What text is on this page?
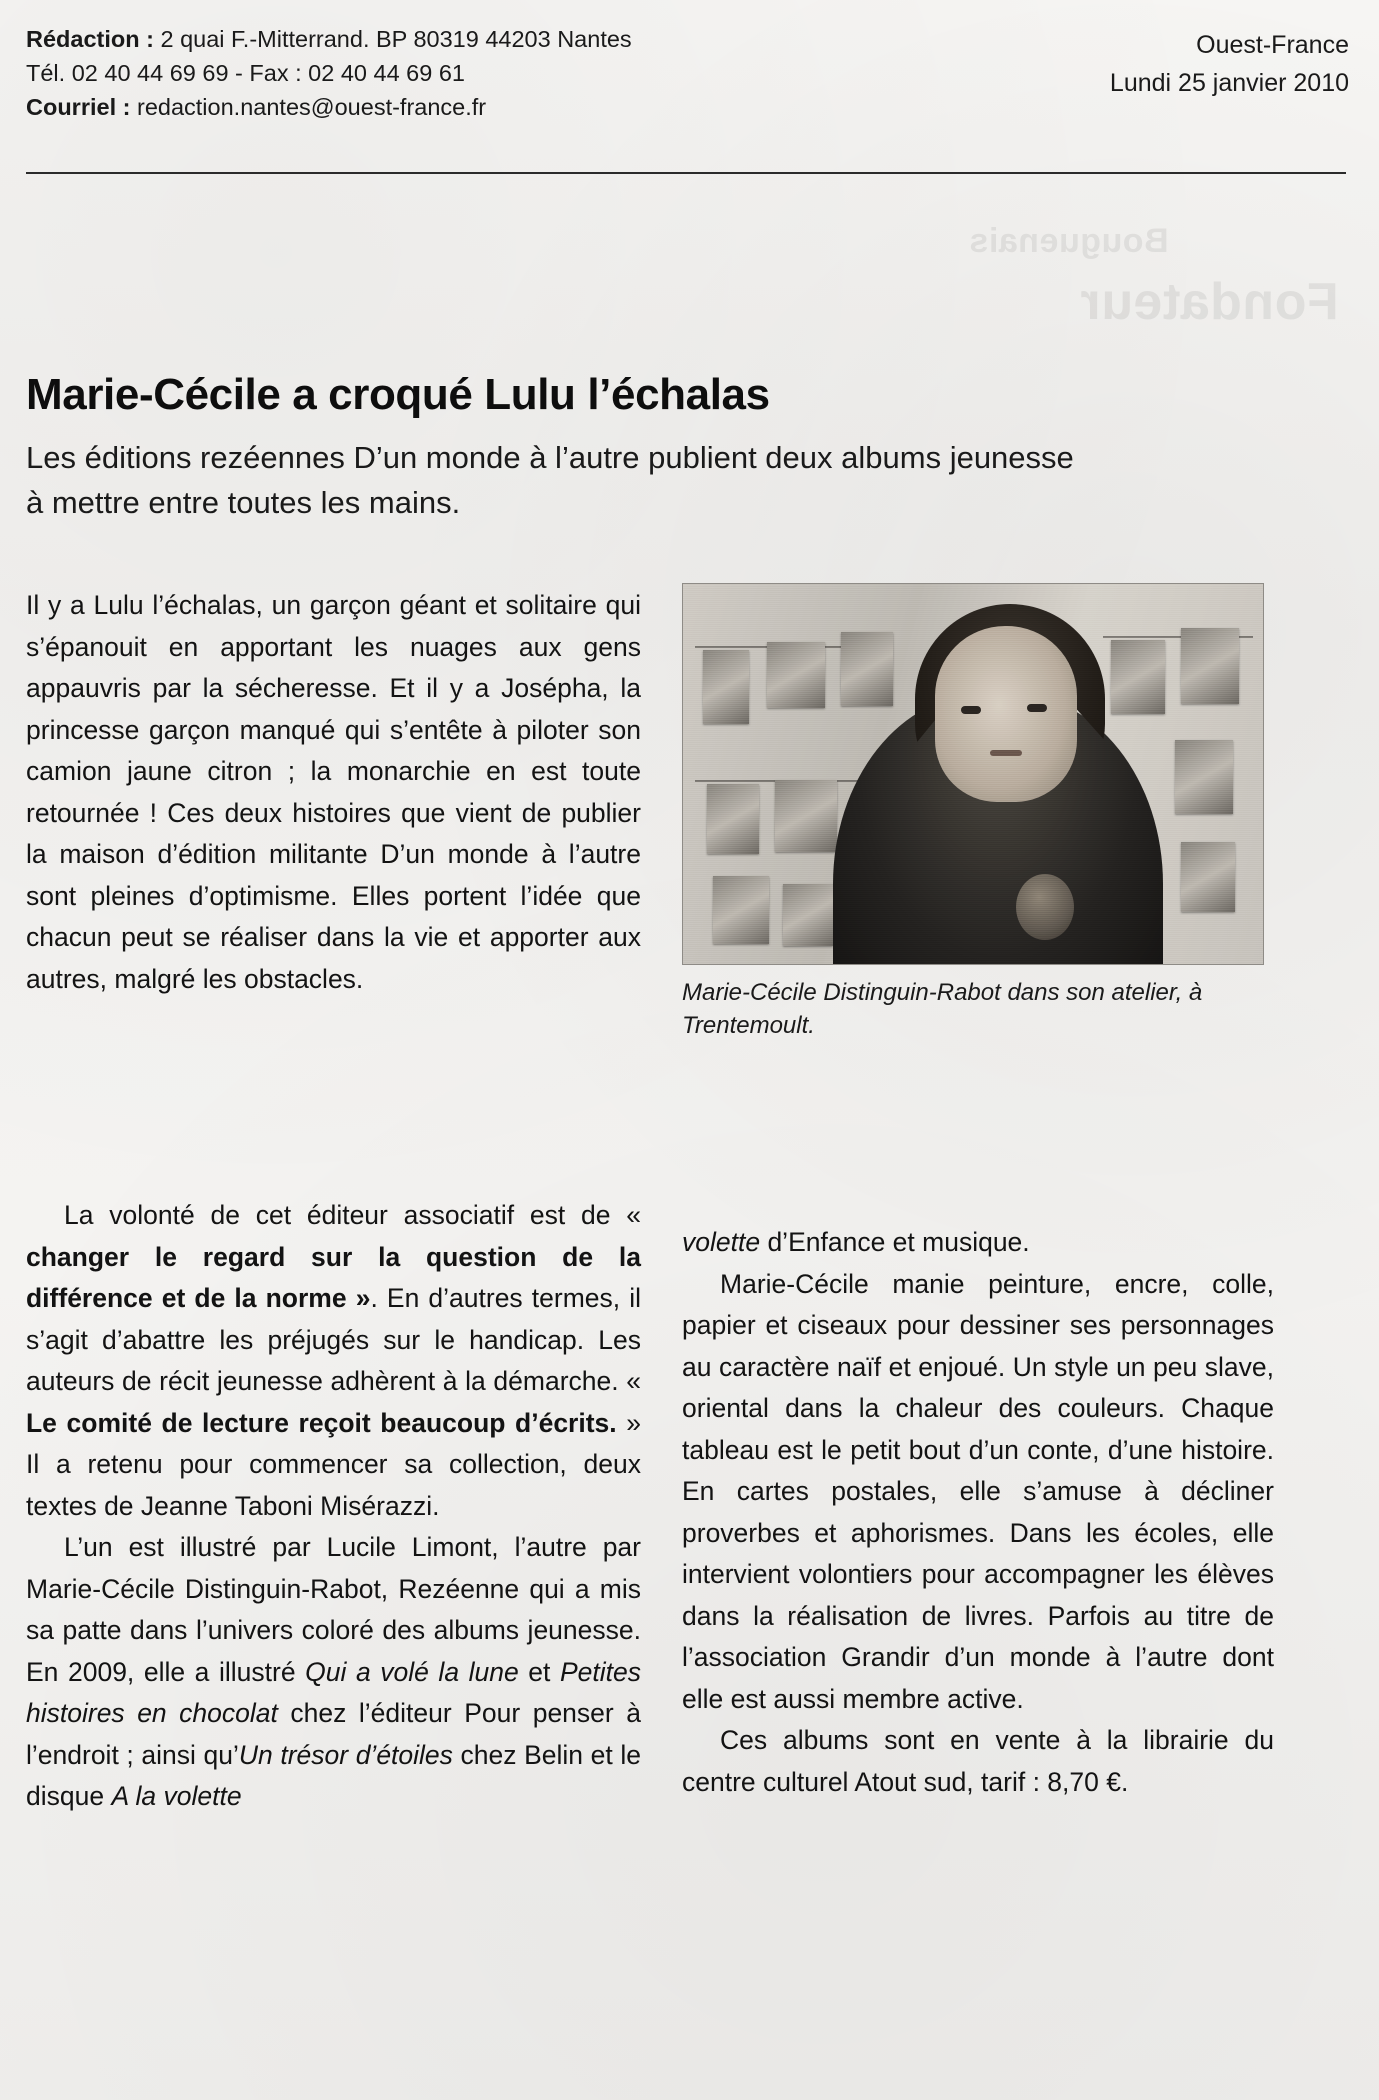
Bouguenais
Fondateur
Rédaction : 2 quai F.-Mitterrand. BP 80319 44203 Nantes
Tél. 02 40 44 69 69 - Fax : 02 40 44 69 61
Courriel : redaction.nantes@ouest-france.fr
Ouest-France
Lundi 25 janvier 2010
Marie-Cécile a croqué Lulu l’échalas
Les éditions rezéennes D’un monde à l’autre publient deux albums jeunesse à mettre entre toutes les mains.
Marie-Cécile Distinguin-Rabot dans son atelier, à Trentemoult.

Il y a Lulu l’échalas, un garçon géant et solitaire qui s’épanouit en apportant les nuages aux gens appauvris par la sécheresse. Et il y a Josépha, la princesse garçon manqué qui s’entête à piloter son camion jaune citron ; la monarchie en est toute retournée ! Ces deux histoires que vient de publier la maison d’édition militante D’un monde à l’autre sont pleines d’optimisme. Elles portent l’idée que chacun peut se réaliser dans la vie et apporter aux autres, malgré les obstacles.

La volonté de cet éditeur associatif est de « changer le regard sur la question de la différence et de la norme ». En d’autres termes, il s’agit d’abattre les préjugés sur le handicap. Les auteurs de récit jeunesse adhèrent à la démarche. « Le comité de lecture reçoit beaucoup d’écrits. » Il a retenu pour commencer sa collection, deux textes de Jeanne Taboni Misérazzi.

L’un est illustré par Lucile Limont, l’autre par Marie-Cécile Distinguin-Rabot, Rezéenne qui a mis sa patte dans l’univers coloré des albums jeunesse. En 2009, elle a illustré Qui a volé la lune et Petites histoires en chocolat chez l’éditeur Pour penser à l’endroit ; ainsi qu’Un trésor d’étoiles chez Belin et le disque A la volette

volette d’Enfance et musique.

Marie-Cécile manie peinture, encre, colle, papier et ciseaux pour dessiner ses personnages au caractère naïf et enjoué. Un style un peu slave, oriental dans la chaleur des couleurs. Chaque tableau est le petit bout d’un conte, d’une histoire. En cartes postales, elle s’amuse à décliner proverbes et aphorismes. Dans les écoles, elle intervient volontiers pour accompagner les élèves dans la réalisation de livres. Parfois au titre de l’association Grandir d’un monde à l’autre dont elle est aussi membre active.

Ces albums sont en vente à la librairie du centre culturel Atout sud, tarif : 8,70 €.
